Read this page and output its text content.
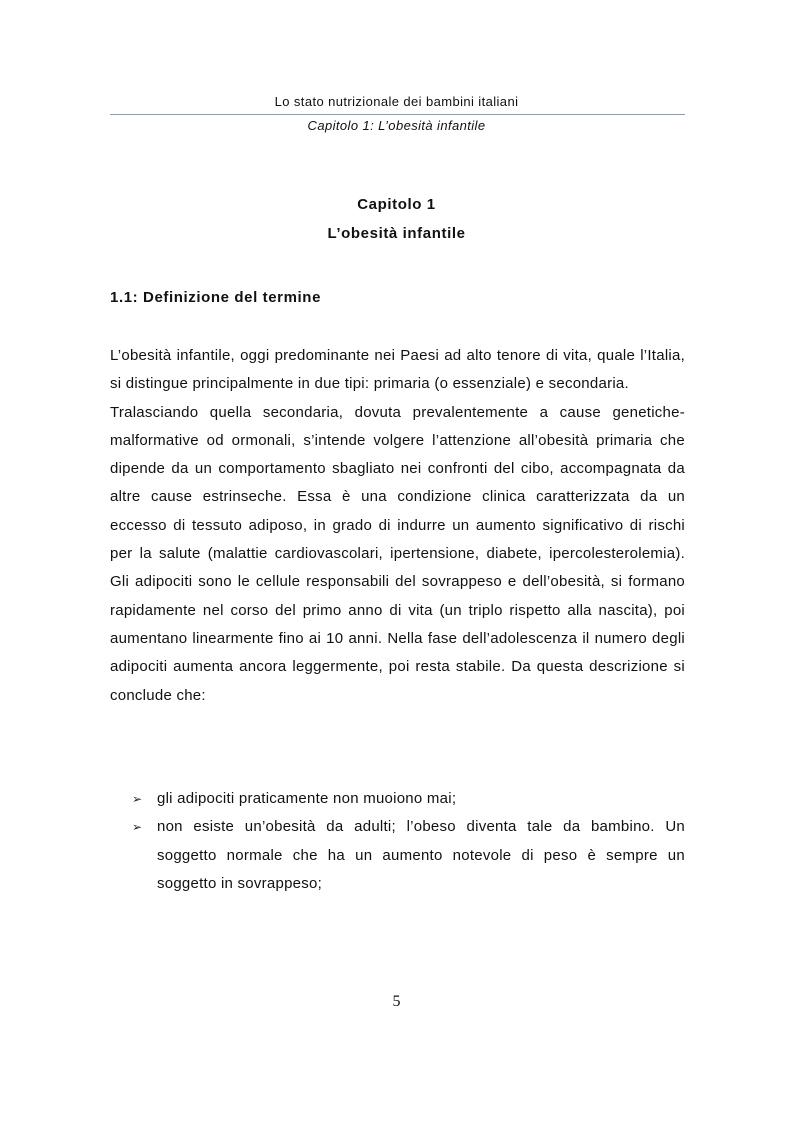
Lo stato nutrizionale dei bambini italiani
Capitolo 1: L’obesità infantile
Capitolo 1
L’obesità infantile
1.1: Definizione del termine

L’obesità infantile, oggi predominante nei Paesi ad alto tenore di vita, quale l’Italia, si distingue principalmente in due tipi: primaria (o essenziale) e secondaria.

Tralasciando quella secondaria, dovuta prevalentemente a cause genetiche-malformative od ormonali, s’intende volgere l’attenzione all’obesità primaria che dipende da un comportamento sbagliato nei confronti del cibo, accompagnata da altre cause estrinseche. Essa è una condizione clinica caratterizzata da un eccesso di tessuto adiposo, in grado di indurre un aumento significativo di rischi per la salute (malattie cardiovascolari, ipertensione, diabete, ipercolesterolemia). Gli adipociti sono le cellule responsabili del sovrappeso e dell’obesità, si formano rapidamente nel corso del primo anno di vita (un triplo rispetto alla nascita), poi aumentano linearmente fino ai 10 anni. Nella fase dell’adolescenza il numero degli adipociti aumenta ancora leggermente, poi resta stabile. Da questa descrizione si conclude che:

➢ gli adipociti praticamente non muoiono mai;
➢ non esiste un’obesità da adulti; l’obeso diventa tale da bambino. Un soggetto normale che ha un aumento notevole di peso è sempre un soggetto in sovrappeso;
5
